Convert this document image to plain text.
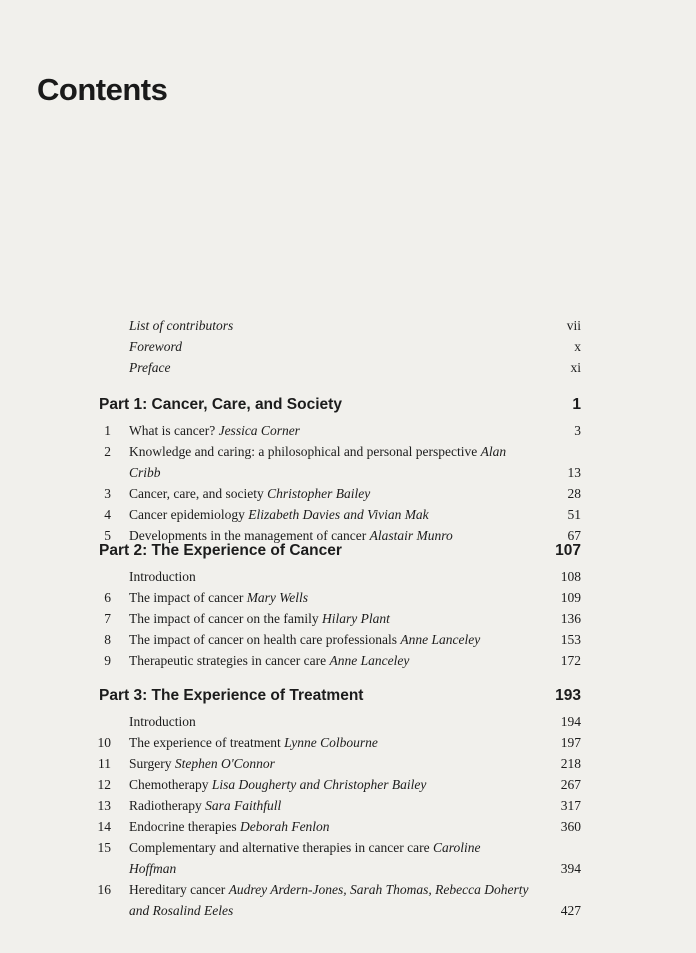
Contents
List of contributors	vii
Foreword	x
Preface	xi
Part 1: Cancer, Care, and Society	1
1 What is cancer? Jessica Corner	3
2 Knowledge and caring: a philosophical and personal perspective Alan Cribb	13
3 Cancer, care, and society Christopher Bailey	28
4 Cancer epidemiology Elizabeth Davies and Vivian Mak	51
5 Developments in the management of cancer Alastair Munro	67
Part 2: The Experience of Cancer	107
Introduction	108
6 The impact of cancer Mary Wells	109
7 The impact of cancer on the family Hilary Plant	136
8 The impact of cancer on health care professionals Anne Lanceley	153
9 Therapeutic strategies in cancer care Anne Lanceley	172
Part 3: The Experience of Treatment	193
Introduction	194
10 The experience of treatment Lynne Colbourne	197
11 Surgery Stephen O'Connor	218
12 Chemotherapy Lisa Dougherty and Christopher Bailey	267
13 Radiotherapy Sara Faithfull	317
14 Endocrine therapies Deborah Fenlon	360
15 Complementary and alternative therapies in cancer care Caroline Hoffman	394
16 Hereditary cancer Audrey Ardern-Jones, Sarah Thomas, Rebecca Doherty
and Rosalind Eeles	427
